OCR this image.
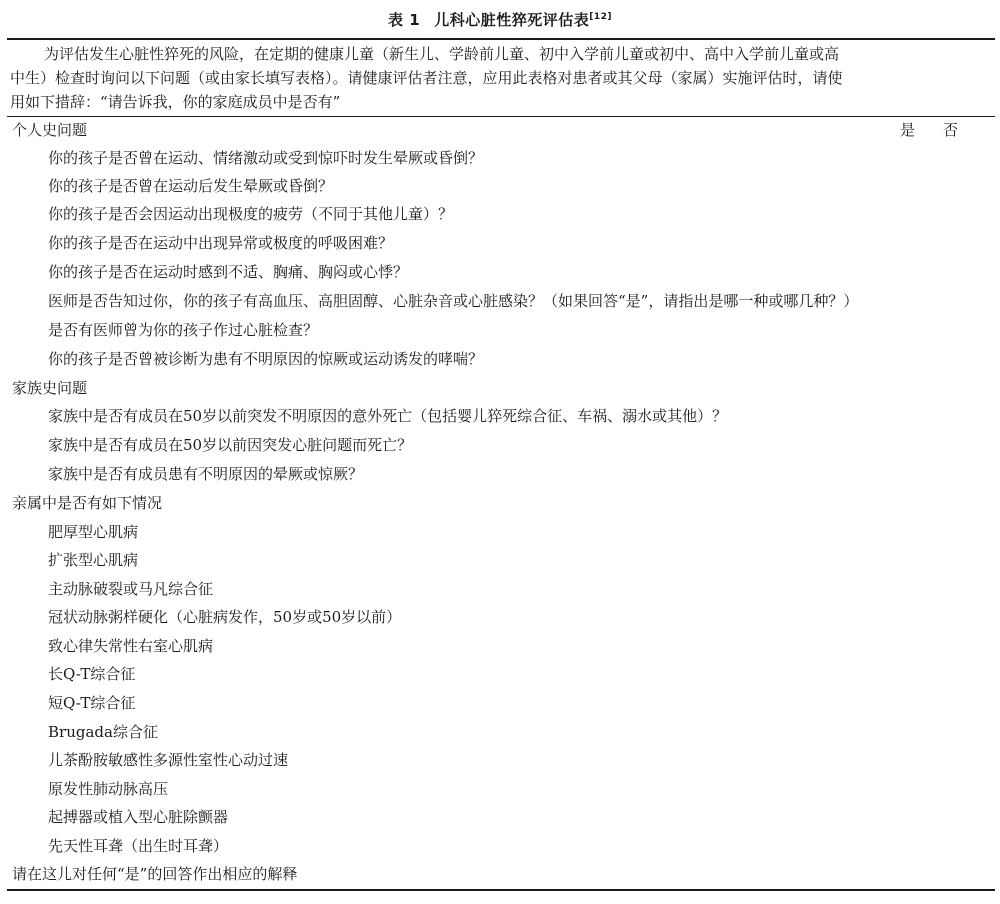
表 1 儿科心脏性猝死评估表[12]
为评估发生心脏性猝死的风险，在定期的健康儿童（新生儿、学龄前儿童、初中入学前儿童或初中、高中入学前儿童或高
中生）检查时询问以下问题（或由家长填写表格）。请健康评估者注意，应用此表格对患者或其父母（家属）实施评估时，请使
用如下措辞：“请告诉我，你的家庭成员中是否有”
是 否
个人史问题
你的孩子是否曾在运动、情绪激动或受到惊吓时发生晕厥或昏倒？
你的孩子是否曾在运动后发生晕厥或昏倒？
你的孩子是否会因运动出现极度的疲劳（不同于其他儿童）？
你的孩子是否在运动中出现异常或极度的呼吸困难？
你的孩子是否在运动时感到不适、胸痛、胸闷或心悸？
医师是否告知过你，你的孩子有高血压、高胆固醇、心脏杂音或心脏感染？（如果回答“是”，请指出是哪一种或哪几种？）
是否有医师曾为你的孩子作过心脏检查？
你的孩子是否曾被诊断为患有不明原因的惊厥或运动诱发的哮喘？
家族史问题
家族中是否有成员在50岁以前突发不明原因的意外死亡（包括婴儿猝死综合征、车祸、溺水或其他）？
家族中是否有成员在50岁以前因突发心脏问题而死亡？
家族中是否有成员患有不明原因的晕厥或惊厥？
亲属中是否有如下情况
肥厚型心肌病
扩张型心肌病
主动脉破裂或马凡综合征
冠状动脉粥样硬化（心脏病发作，50岁或50岁以前）
致心律失常性右室心肌病
长Q-T综合征
短Q-T综合征
Brugada综合征
儿茶酚胺敏感性多源性室性心动过速
原发性肺动脉高压
起搏器或植入型心脏除颤器
先天性耳聋（出生时耳聋）
请在这儿对任何“是”的回答作出相应的解释
